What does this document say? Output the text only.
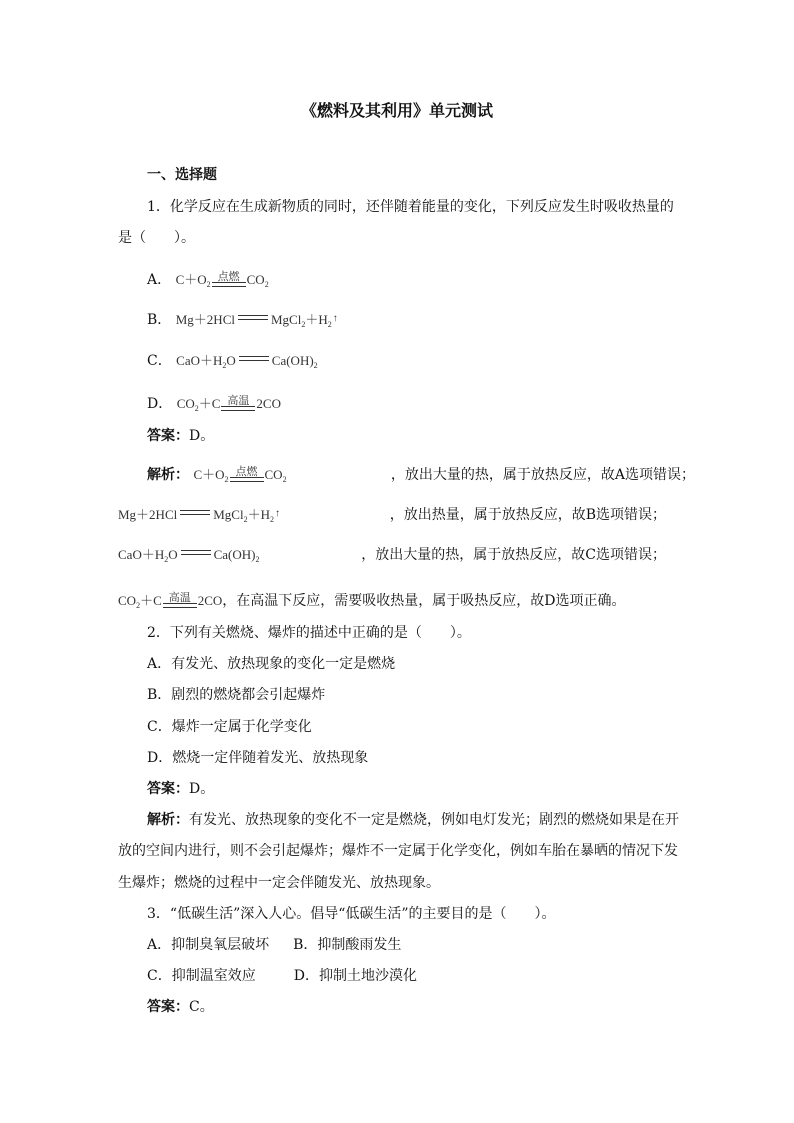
《燃料及其利用》单元测试
一、选择题
1．化学反应在生成新物质的同时，还伴随着能量的变化，下列反应发生时吸收热量的
是（　　）。
A． C＋O 2
点燃 CO 2
B． Mg＋2HCl	MgCl 2 ＋H 2
↑
C． CaO＋H 2 O	Ca(OH) 2
D． CO 2 ＋C 高温 2CO
答案：D。
解析： C＋O 2
点燃 CO 2	，放出大量的热，属于放热反应，故A选项错误；
Mg＋2HCl	MgCl 2 ＋H 2
↑	，放出热量，属于放热反应，故B选项错误；
CaO＋H 2 O	Ca(OH) 2	，放出大量的热，属于放热反应，故C选项错误；
CO 2 ＋C 高温 2CO ，在高温下反应，需要吸收热量，属于吸热反应，故D选项正确。
2．下列有关燃烧、爆炸的描述中正确的是（　　）。
A．有发光、放热现象的变化一定是燃烧
B．剧烈的燃烧都会引起爆炸
C．爆炸一定属于化学变化
D．燃烧一定伴随着发光、放热现象
答案：D。
解析：有发光、放热现象的变化不一定是燃烧，例如电灯发光；剧烈的燃烧如果是在开
放的空间内进行，则不会引起爆炸；爆炸不一定属于化学变化，例如车胎在暴晒的情况下发
生爆炸；燃烧的过程中一定会伴随发光、放热现象。
3．“低碳生活”深入人心。倡导“低碳生活”的主要目的是（　　）。
A．抑制臭氧层破坏 B．抑制酸雨发生
C．抑制温室效应	D．抑制土地沙漠化
答案：C。
